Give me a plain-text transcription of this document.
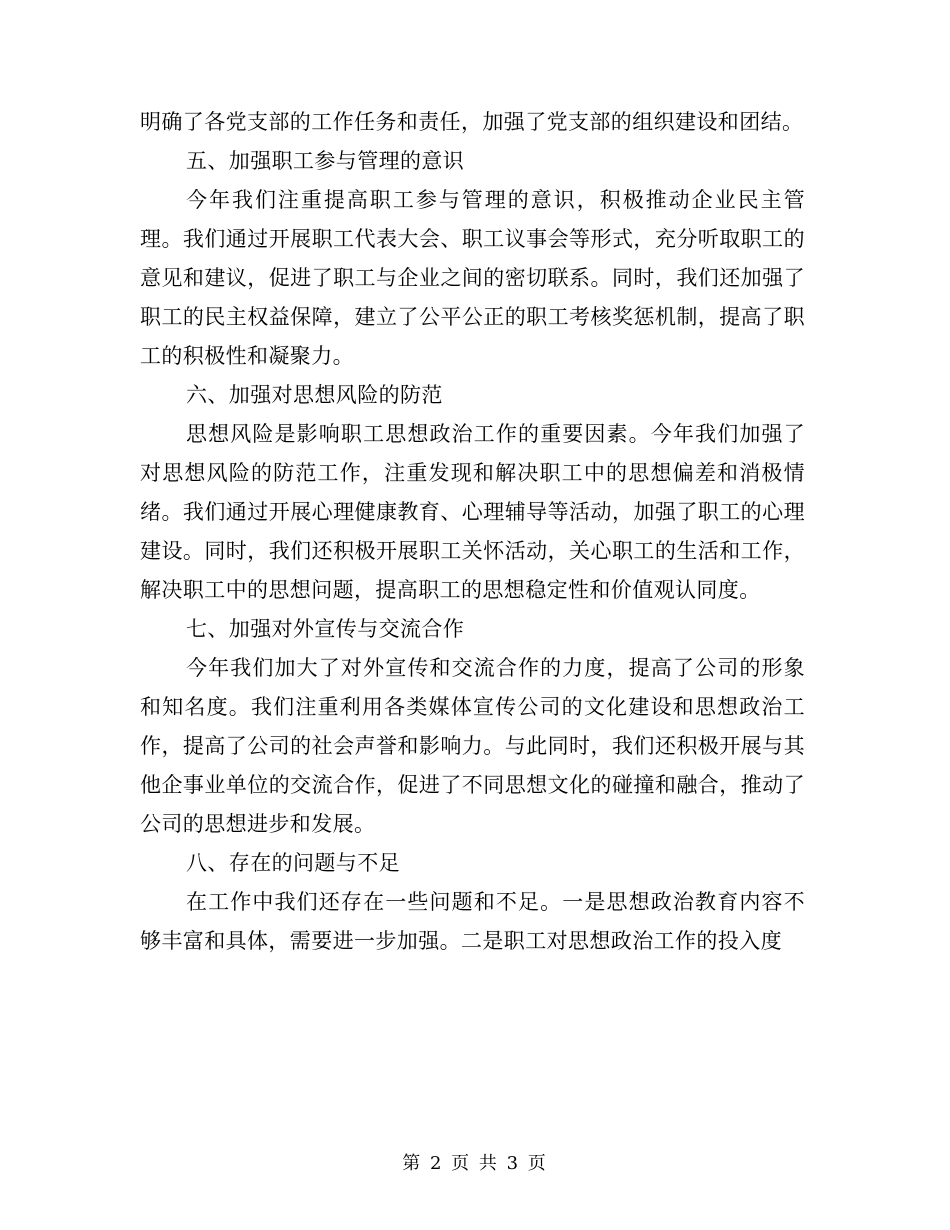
明确了各党支部的工作任务和责任，加强了党支部的组织建设和团结。

五、加强职工参与管理的意识

今年我们注重提高职工参与管理的意识，积极推动企业民主管理。我们通过开展职工代表大会、职工议事会等形式，充分听取职工的意见和建议，促进了职工与企业之间的密切联系。同时，我们还加强了职工的民主权益保障，建立了公平公正的职工考核奖惩机制，提高了职工的积极性和凝聚力。

六、加强对思想风险的防范

思想风险是影响职工思想政治工作的重要因素。今年我们加强了对思想风险的防范工作，注重发现和解决职工中的思想偏差和消极情绪。我们通过开展心理健康教育、心理辅导等活动，加强了职工的心理建设。同时，我们还积极开展职工关怀活动，关心职工的生活和工作，解决职工中的思想问题，提高职工的思想稳定性和价值观认同度。

七、加强对外宣传与交流合作

今年我们加大了对外宣传和交流合作的力度，提高了公司的形象和知名度。我们注重利用各类媒体宣传公司的文化建设和思想政治工作，提高了公司的社会声誉和影响力。与此同时，我们还积极开展与其他企事业单位的交流合作，促进了不同思想文化的碰撞和融合，推动了公司的思想进步和发展。

八、存在的问题与不足

在工作中我们还存在一些问题和不足。一是思想政治教育内容不够丰富和具体，需要进一步加强。二是职工对思想政治工作的投入度

第 2 页 共 3 页
